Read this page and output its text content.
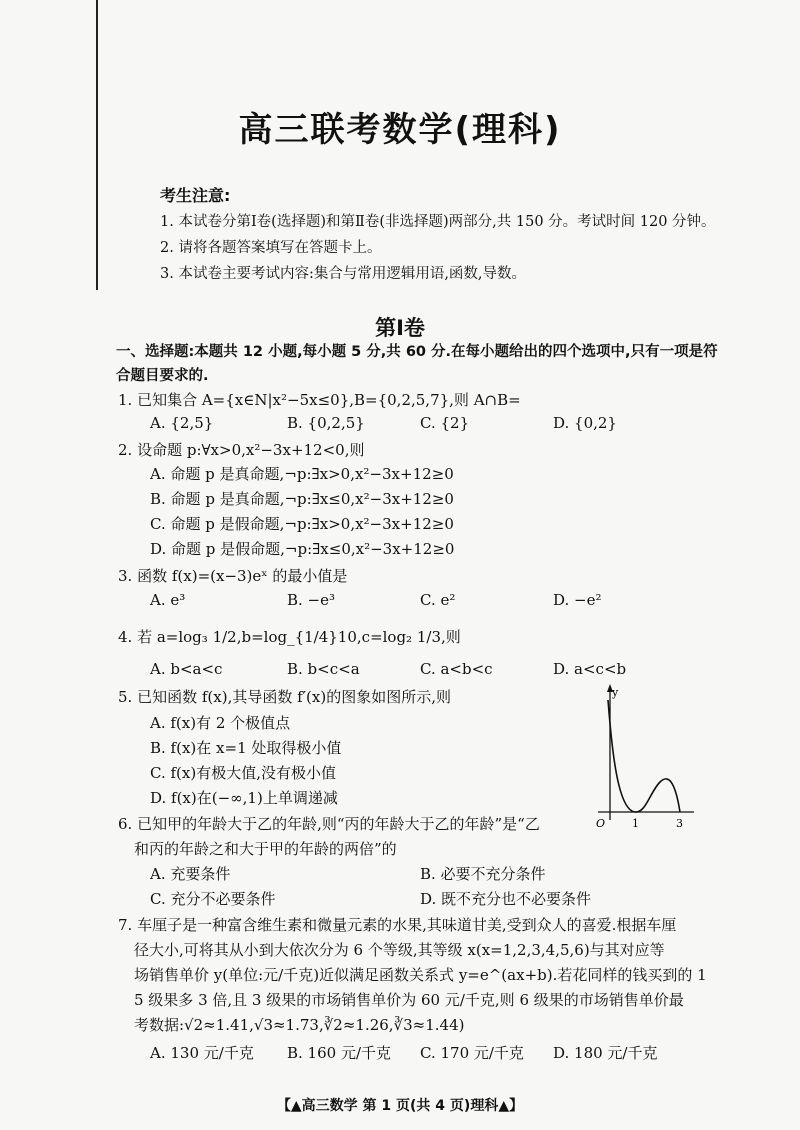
高三联考数学(理科)
考生注意:
1. 本试卷分第Ⅰ卷(选择题)和第Ⅱ卷(非选择题)两部分,共 150 分。考试时间 120 分钟。
2. 请将各题答案填写在答题卡上。
3. 本试卷主要考试内容:集合与常用逻辑用语,函数,导数。
第Ⅰ卷
一、选择题:本题共 12 小题,每小题 5 分,共 60 分.在每小题给出的四个选项中,只有一项是符
合题目要求的.
1. 已知集合 A={x∈N|x²−5x≤0},B={0,2,5,7},则 A∩B=
A. {2,5}	B. {0,2,5}	C. {2}	D. {0,2}
2. 设命题 p:∀x>0,x²−3x+12<0,则
A. 命题 p 是真命题,¬p:∃x>0,x²−3x+12≥0
B. 命题 p 是真命题,¬p:∃x≤0,x²−3x+12≥0
C. 命题 p 是假命题,¬p:∃x>0,x²−3x+12≥0
D. 命题 p 是假命题,¬p:∃x≤0,x²−3x+12≥0
3. 函数 f(x)=(x−3)eˣ 的最小值是
A. e³	B. −e³	C. e²	D. −e²
4. 若 a=log₃ 1/2,b=log_{1/4}10,c=log₂ 1/3,则
A. b<a<c	B. b<c<a	C. a<b<c	D. a<c<b
5. 已知函数 f(x),其导函数 f′(x)的图象如图所示,则
A. f(x)有 2 个极值点
B. f(x)在 x=1 处取得极小值
C. f(x)有极大值,没有极小值
D. f(x)在(−∞,1)上单调递减
y
O 1	3
6. 已知甲的年龄大于乙的年龄,则“丙的年龄大于乙的年龄”是“乙
和丙的年龄之和大于甲的年龄的两倍”的
A. 充要条件	B. 必要不充分条件
C. 充分不必要条件	D. 既不充分也不必要条件
7. 车厘子是一种富含维生素和微量元素的水果,其味道甘美,受到众人的喜爱.根据车厘
径大小,可将其从小到大依次分为 6 个等级,其等级 x(x=1,2,3,4,5,6)与其对应等
场销售单价 y(单位:元/千克)近似满足函数关系式 y=e^(ax+b).若花同样的钱买到的 1
5 级果多 3 倍,且 3 级果的市场销售单价为 60 元/千克,则 6 级果的市场销售单价最
考数据:√2≈1.41,√3≈1.73,∛2≈1.26,∛3≈1.44)
A. 130 元/千克 B. 160 元/千克 C. 170 元/千克 D. 180 元/千克
【▲高三数学 第 1 页(共 4 页)理科▲】
